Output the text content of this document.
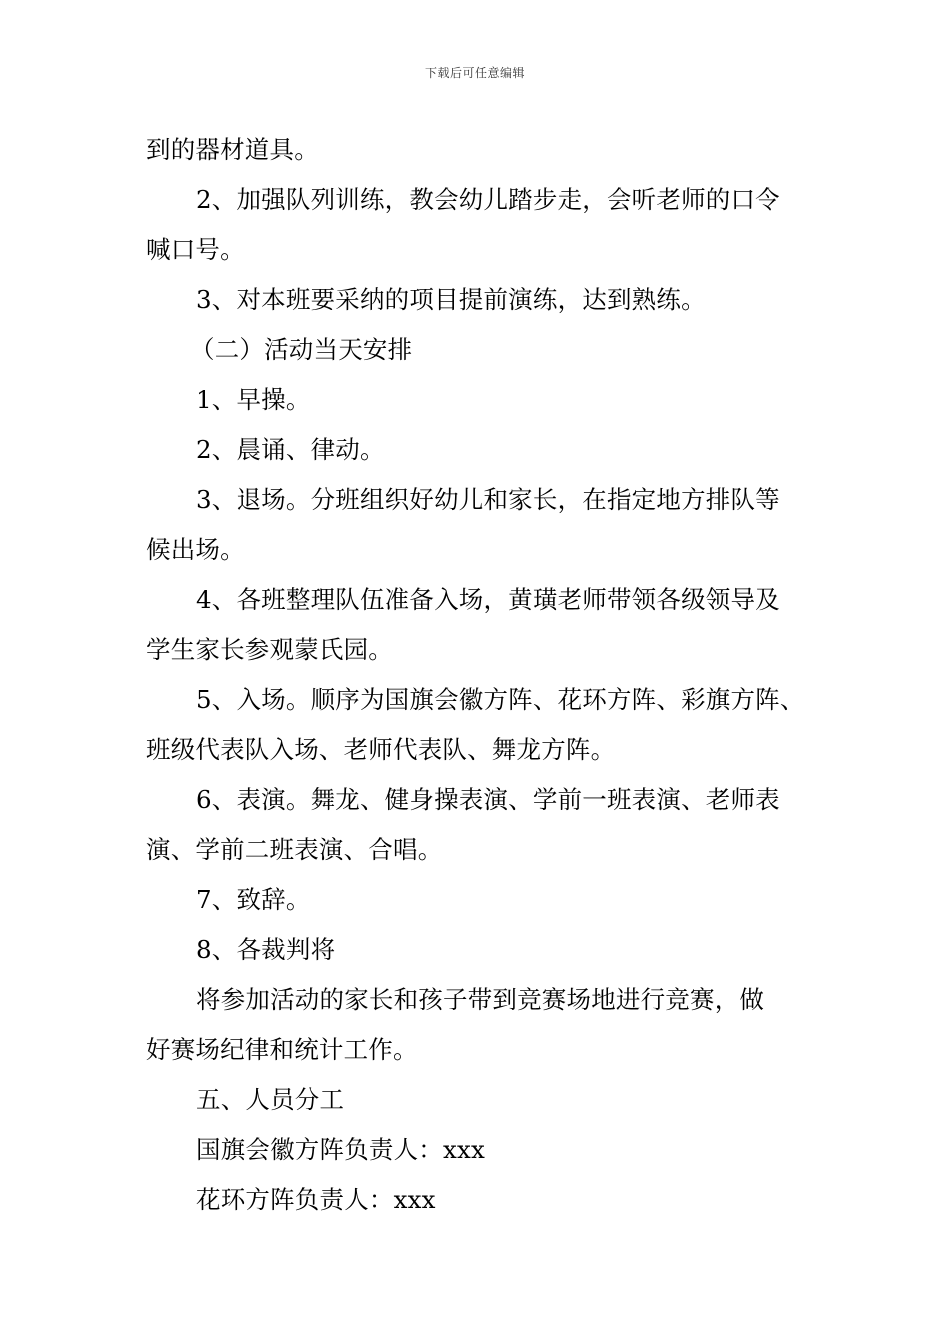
下载后可任意编辑
到的器材道具。
2、加强队列训练，教会幼儿踏步走，会听老师的口令
喊口号。
3、对本班要采纳的项目提前演练，达到熟练。
（二）活动当天安排
1、早操。
2、晨诵、律动。
3、退场。分班组织好幼儿和家长，在指定地方排队等
候出场。
4、各班整理队伍准备入场，黄璜老师带领各级领导及
学生家长参观蒙氏园。
5、入场。顺序为国旗会徽方阵、花环方阵、彩旗方阵、
班级代表队入场、老师代表队、舞龙方阵。
6、表演。舞龙、健身操表演、学前一班表演、老师表
演、学前二班表演、合唱。
7、致辞。
8、各裁判将
将参加活动的家长和孩子带到竞赛场地进行竞赛，做
好赛场纪律和统计工作。
五、人员分工
国旗会徽方阵负责人：xxx
花环方阵负责人：xxx
